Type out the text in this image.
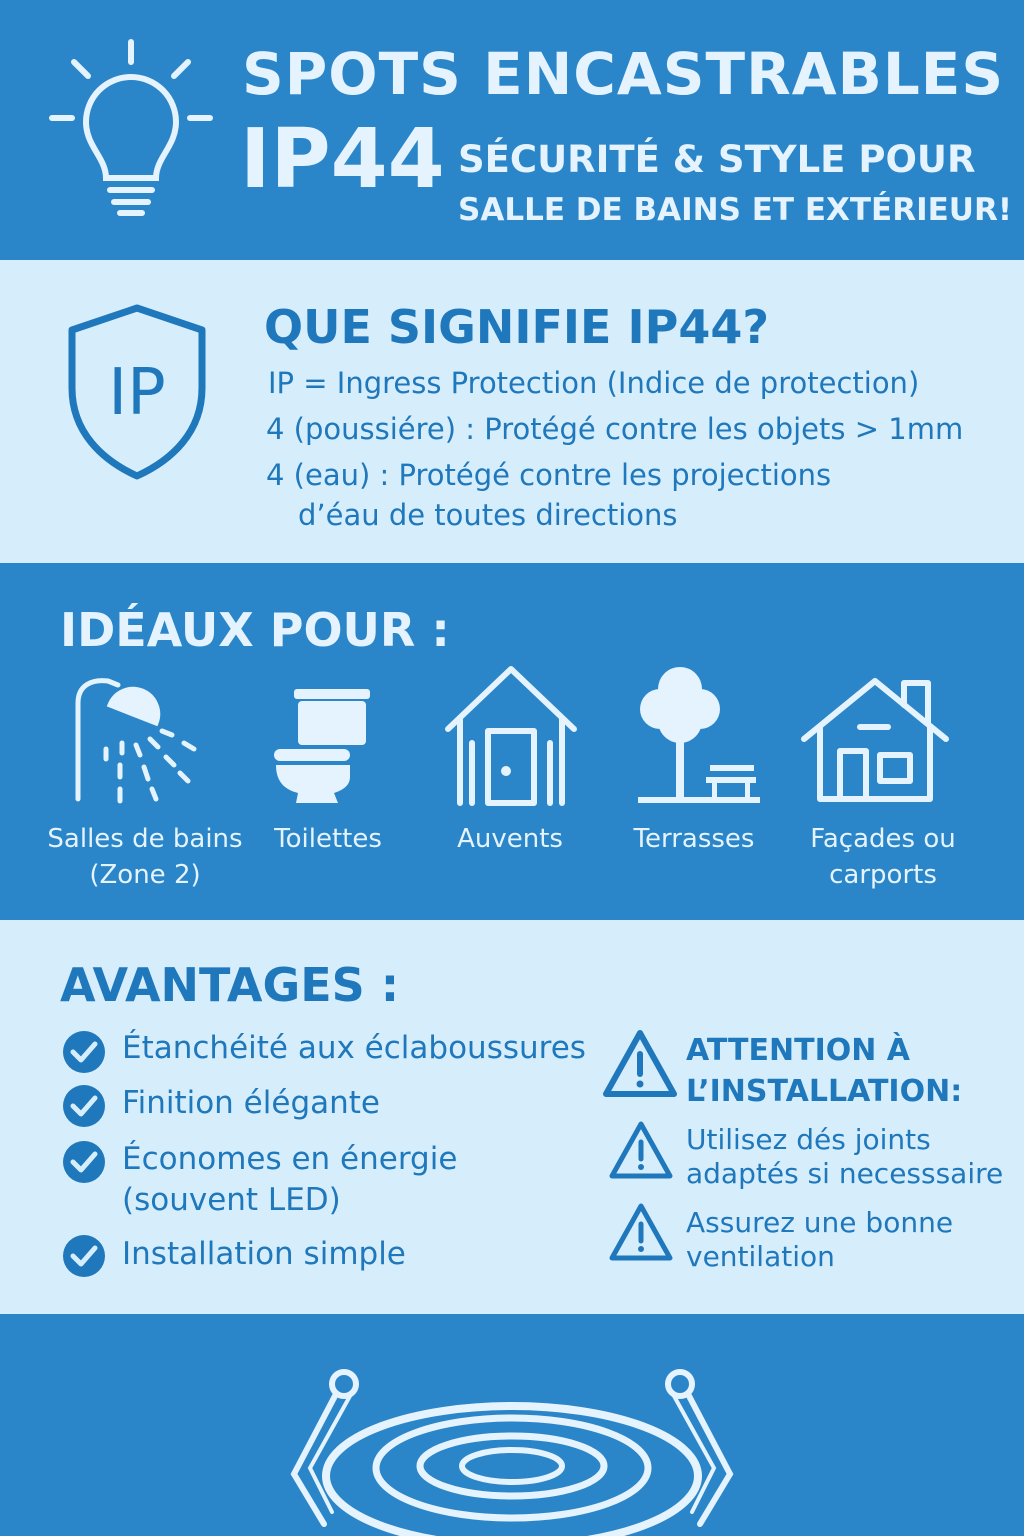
SPOTS ENCASTRABLES
IP44 SÉCURITÉ & STYLE POUR
SALLE DE BAINS ET EXTÉRIEUR!
IP
QUE SIGNIFIE IP44?
IP = Ingress Protection (Indice de protection)
4 (poussiére) : Protégé contre les objets > 1mm
4 (eau) : Protégé contre les projections
d’éau de toutes directions
IDÉAUX POUR :
Salles de bains
(Zone 2)
Toilettes	Auvents	Terrasses	Façades ou
carports
AVANTAGES :
Étanchéité aux éclaboussures
Finition élégante
Économes en énergie
(souvent LED)
Installation simple
ATTENTION À
L’INSTALLATION:
Utilisez dés joints
adaptés si necesssaire
Assurez une bonne
ventilation
